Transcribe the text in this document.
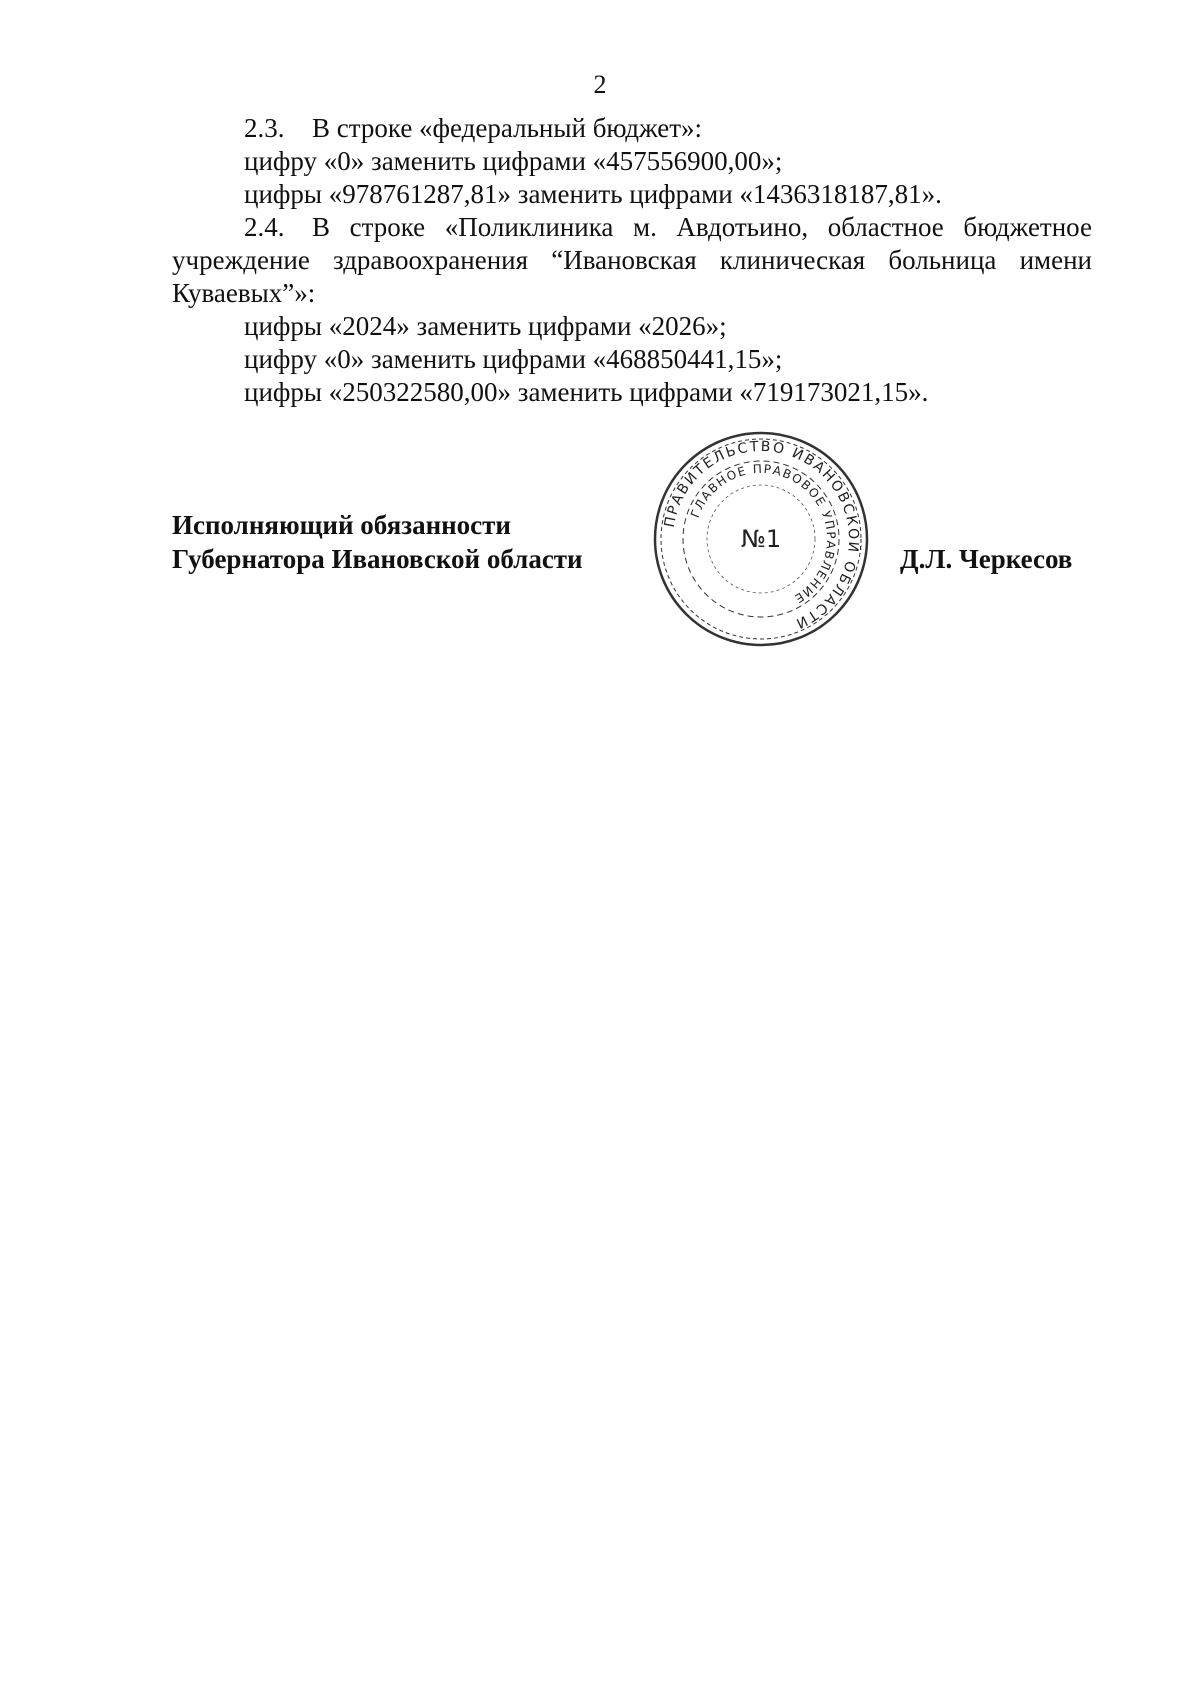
2

2.3. В строке «федеральный бюджет»:

цифру «0» заменить цифрами «457556900,00»;

цифры «978761287,81» заменить цифрами «1436318187,81».

2.4. В строке «Поликлиника м. Авдотьино, областное бюджетное учреждение здравоохранения “Ивановская клиническая больница имени Куваевых”»:

цифры «2024» заменить цифрами «2026»;

цифру «0» заменить цифрами «468850441,15»;

цифры «250322580,00» заменить цифрами «719173021,15».

Исполняющий обязанности
Губернатора Ивановской области
ПРАВИТЕЛЬСТВО ИВАНОВСКОЙ ОБЛАСТИ
ГЛАВНОЕ ПРАВОВОЕ УПРАВЛЕНИЕ
№1
Д.Л. Черкесов
